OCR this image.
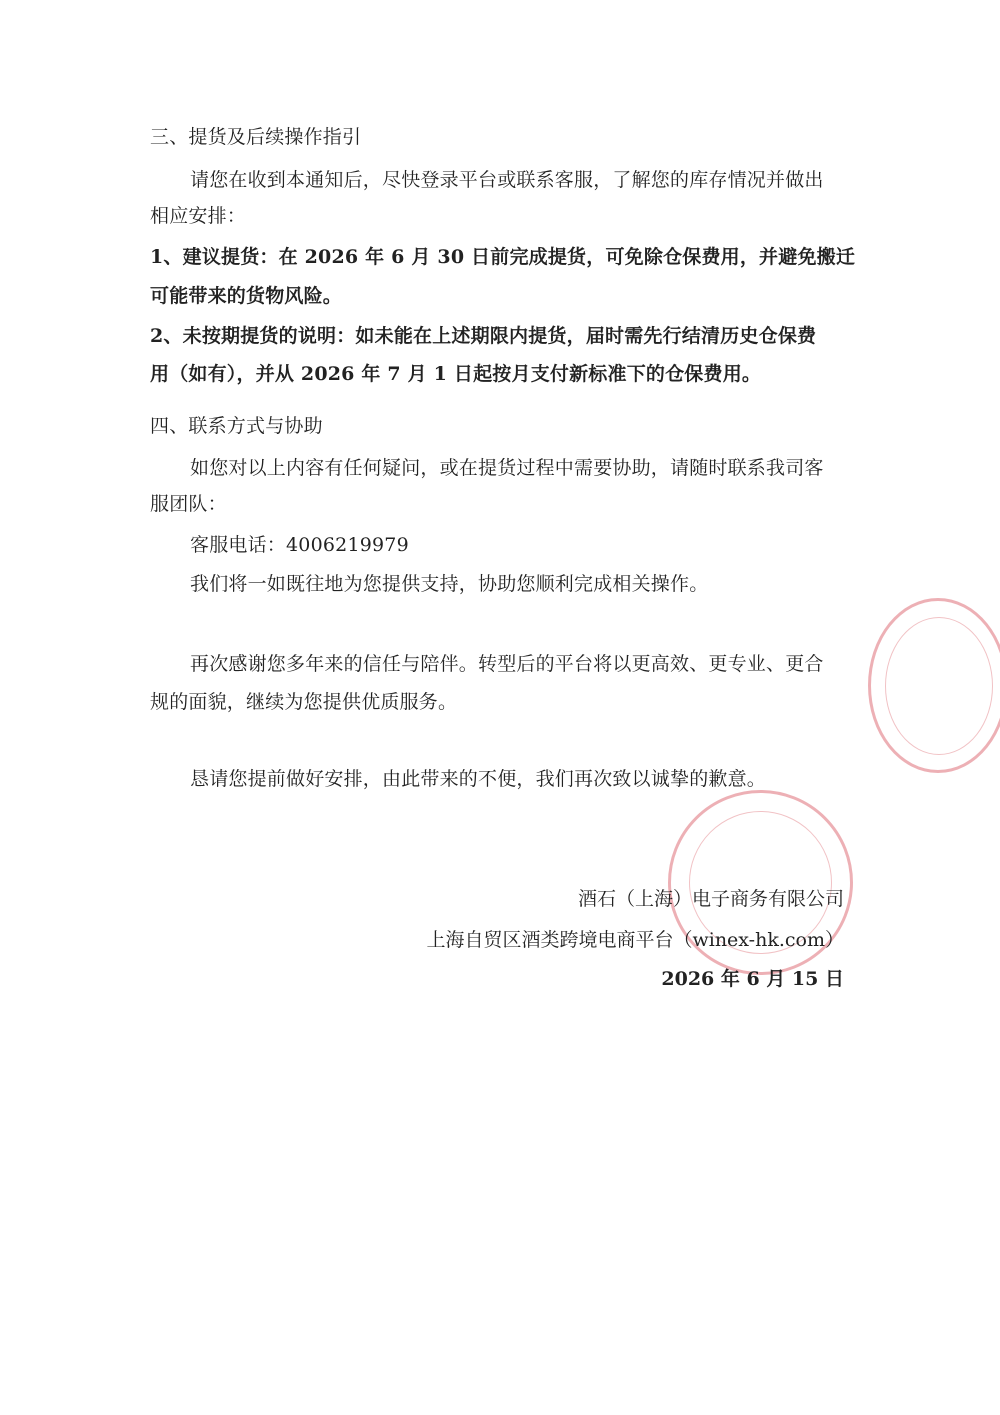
三、提货及后续操作指引
请您在收到本通知后，尽快登录平台或联系客服，了解您的库存情况并做出
相应安排：
1、建议提货：在 2026 年 6 月 30 日前完成提货，可免除仓保费用，并避免搬迁
可能带来的货物风险。
2、未按期提货的说明：如未能在上述期限内提货，届时需先行结清历史仓保费
用（如有），并从 2026 年 7 月 1 日起按月支付新标准下的仓保费用。
四、联系方式与协助
如您对以上内容有任何疑问，或在提货过程中需要协助，请随时联系我司客
服团队：
客服电话：4006219979
我们将一如既往地为您提供支持，协助您顺利完成相关操作。
再次感谢您多年来的信任与陪伴。转型后的平台将以更高效、更专业、更合
规的面貌，继续为您提供优质服务。
恳请您提前做好安排，由此带来的不便，我们再次致以诚挚的歉意。
酒石（上海）电子商务有限公司
上海自贸区酒类跨境电商平台（winex-hk.com）
2026 年 6 月 15 日
